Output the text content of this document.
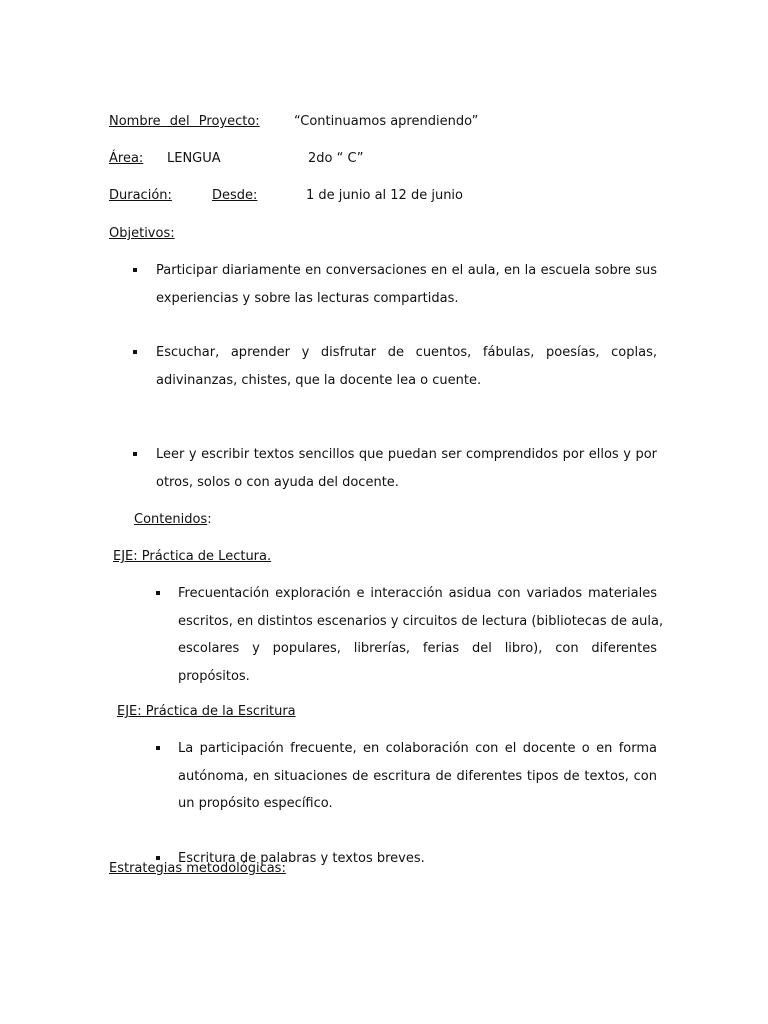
Nombre del Proyecto:	“Continuamos aprendiendo”
Área: LENGUA	2do “ C”
Duración:	Desde:	1 de junio al 12 de junio
Objetivos:
Participar diariamente en conversaciones en el aula, en la escuela sobre sus
experiencias y sobre las lecturas compartidas.
Escuchar, aprender y disfrutar de cuentos, fábulas, poesías, coplas,
adivinanzas, chistes, que la docente lea o cuente.
Leer y escribir textos sencillos que puedan ser comprendidos por ellos y por
otros, solos o con ayuda del docente.
Contenidos:
EJE: Práctica de Lectura.
Frecuentación exploración e interacción asidua con variados materiales
escritos, en distintos escenarios y circuitos de lectura (bibliotecas de aula,
escolares y populares, librerías, ferias del libro), con diferentes
propósitos.
EJE: Práctica de la Escritura
La participación frecuente, en colaboración con el docente o en forma
autónoma, en situaciones de escritura de diferentes tipos de textos, con
un propósito específico.
Escritura de palabras y textos breves.
Estrategias metodológicas:
